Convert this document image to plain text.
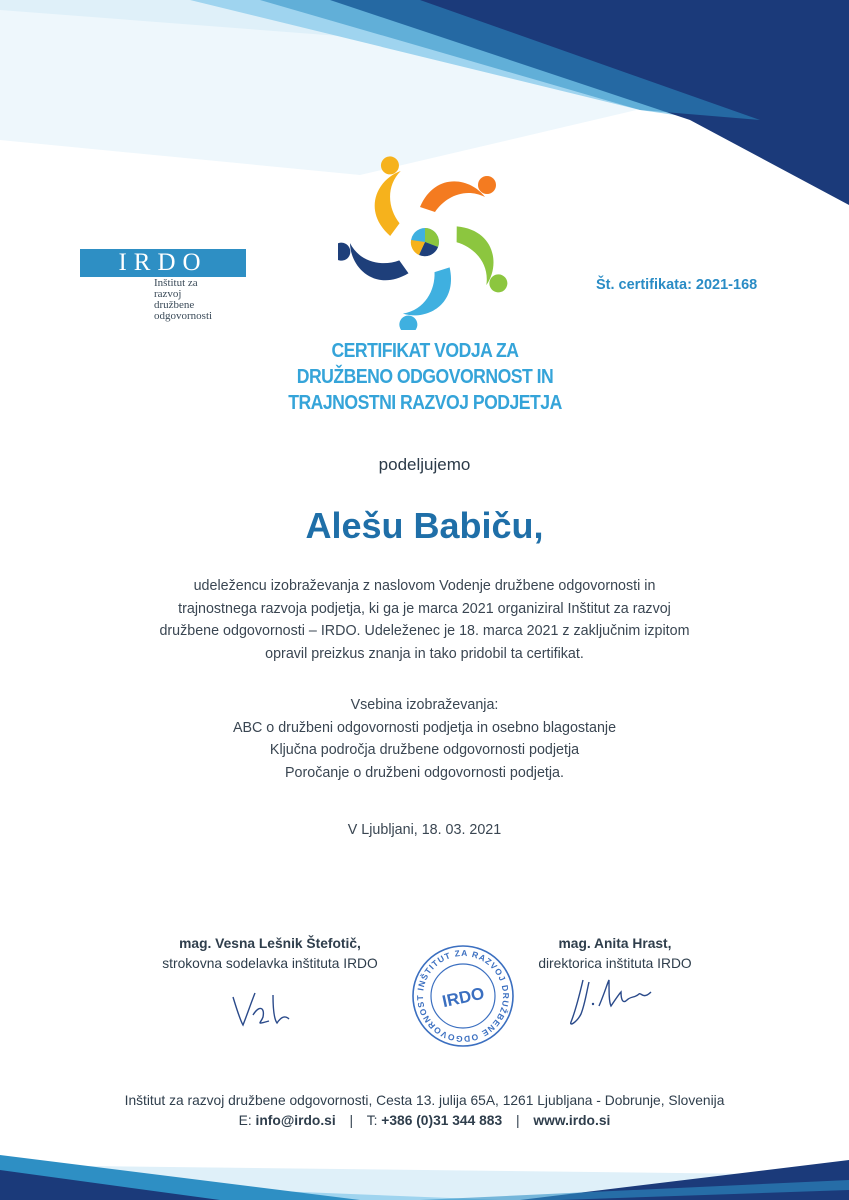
IRDO
Inštitut za
razvoj
družbene
odgovornosti
Št. certifikata: 2021-168
CERTIFIKAT VODJA ZA
DRUŽBENO ODGOVORNOST IN
TRAJNOSTNI RAZVOJ PODJETJA
podeljujemo
Alešu Babiču,
udeležencu izobraževanja z naslovom Vodenje družbene odgovornosti in
trajnostnega razvoja podjetja, ki ga je marca 2021 organiziral Inštitut za razvoj
družbene odgovornosti – IRDO. Udeleženec je 18. marca 2021 z zaključnim izpitom
opravil preizkus znanja in tako pridobil ta certifikat.
Vsebina izobraževanja:
ABC o družbeni odgovornosti podjetja in osebno blagostanje
Ključna področja družbene odgovornosti podjetja
Poročanje o družbeni odgovornosti podjetja.
V Ljubljani, 18. 03. 2021
mag. Vesna Lešnik Štefotič,
strokovna sodelavka inštituta IRDO
mag. Anita Hrast,
direktorica inštituta IRDO
INŠTITUT ZA RAZVOJ DRUŽBENE ODGOVORNOST IRDO
Inštitut za razvoj družbene odgovornosti, Cesta 13. julija 65A, 1261 Ljubljana - Dobrunje, Slovenija
E: info@irdo.si | T: +386 (0)31 344 883 | www.irdo.si
